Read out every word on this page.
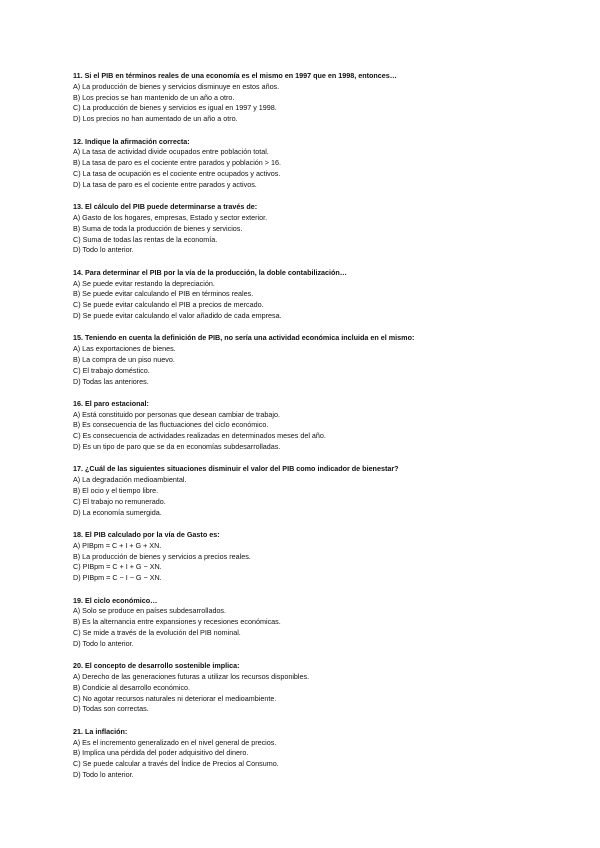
11. Si el PIB en términos reales de una economía es el mismo en 1997 que en 1998, entonces…
A) La producción de bienes y servicios disminuye en estos años.
B) Los precios se han mantenido de un año a otro.
C) La producción de bienes y servicios es igual en 1997 y 1998.
D) Los precios no han aumentado de un año a otro.
12. Indique la afirmación correcta:
A) La tasa de actividad divide ocupados entre población total.
B) La tasa de paro es el cociente entre parados y población > 16.
C) La tasa de ocupación es el cociente entre ocupados y activos.
D) La tasa de paro es el cociente entre parados y activos.
13. El cálculo del PIB puede determinarse a través de:
A) Gasto de los hogares, empresas, Estado y sector exterior.
B) Suma de toda la producción de bienes y servicios.
C) Suma de todas las rentas de la economía.
D) Todo lo anterior.
14. Para determinar el PIB por la vía de la producción, la doble contabilización…
A) Se puede evitar restando la depreciación.
B) Se puede evitar calculando el PIB en términos reales.
C) Se puede evitar calculando el PIB a precios de mercado.
D) Se puede evitar calculando el valor añadido de cada empresa.
15. Teniendo en cuenta la definición de PIB, no sería una actividad económica incluida en el mismo:
A) Las exportaciones de bienes.
B) La compra de un piso nuevo.
C) El trabajo doméstico.
D) Todas las anteriores.
16. El paro estacional:
A) Está constituido por personas que desean cambiar de trabajo.
B) Es consecuencia de las fluctuaciones del ciclo económico.
C) Es consecuencia de actividades realizadas en determinados meses del año.
D) Es un tipo de paro que se da en economías subdesarrolladas.
17. ¿Cuál de las siguientes situaciones disminuir el valor del PIB como indicador de bienestar?
A) La degradación medioambiental.
B) El ocio y el tiempo libre.
C) El trabajo no remunerado.
D) La economía sumergida.
18. El PIB calculado por la vía de Gasto es:
A) PIBpm = C + I + G + XN.
B) La producción de bienes y servicios a precios reales.
C) PIBpm = C + I + G − XN.
D) PIBpm = C − I − G − XN.
19. El ciclo económico…
A) Solo se produce en países subdesarrollados.
B) Es la alternancia entre expansiones y recesiones económicas.
C) Se mide a través de la evolución del PIB nominal.
D) Todo lo anterior.
20. El concepto de desarrollo sostenible implica:
A) Derecho de las generaciones futuras a utilizar los recursos disponibles.
B) Condicie al desarrollo económico.
C) No agotar recursos naturales ni deteriorar el medioambiente.
D) Todas son correctas.
21. La inflación:
A) Es el incremento generalizado en el nivel general de precios.
B) Implica una pérdida del poder adquisitivo del dinero.
C) Se puede calcular a través del Índice de Precios al Consumo.
D) Todo lo anterior.
